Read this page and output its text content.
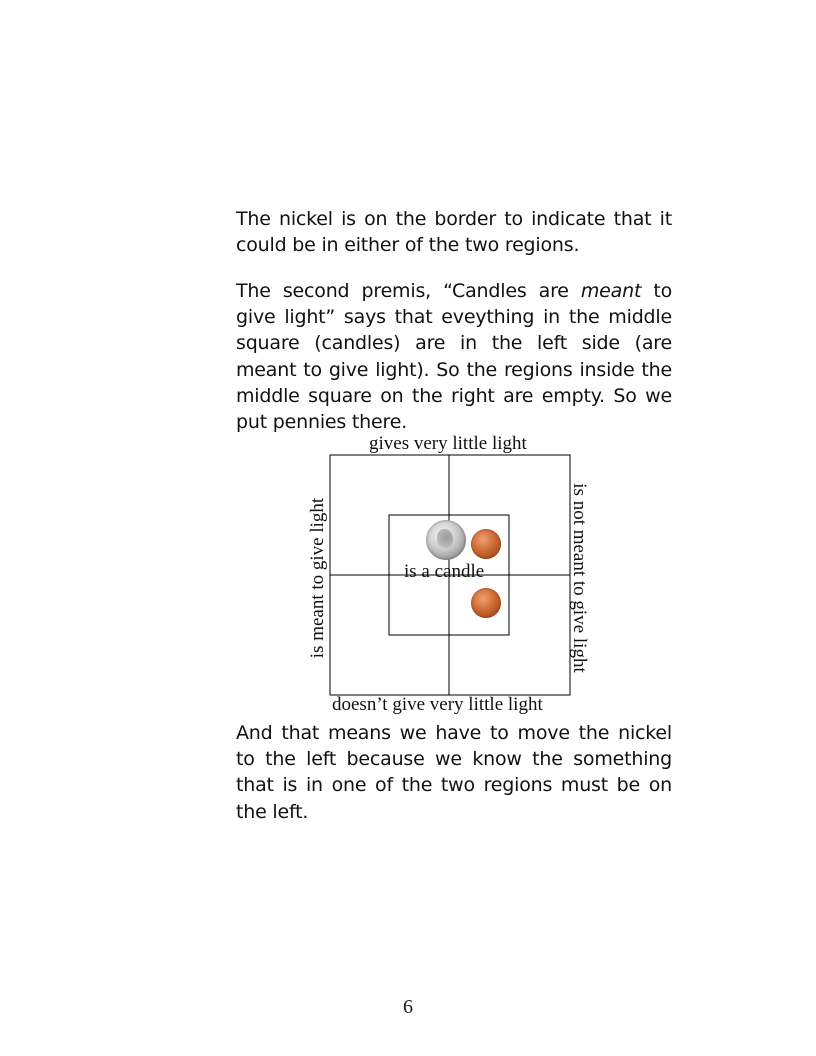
The nickel is on the border to indicate that it could be in either of the two regions.

The second premis, “Candles are meant to give light” says that eveything in the middle square (candles) are in the left side (are meant to give light). So the regions inside the middle square on the right are empty. So we put pennies there.

gives very little light
doesn’t give very little light
is meant to give light	is not meant to give light
is a candle

And that means we have to move the nickel to the left because we know the something that is in one of the two regions must be on the left.

6
